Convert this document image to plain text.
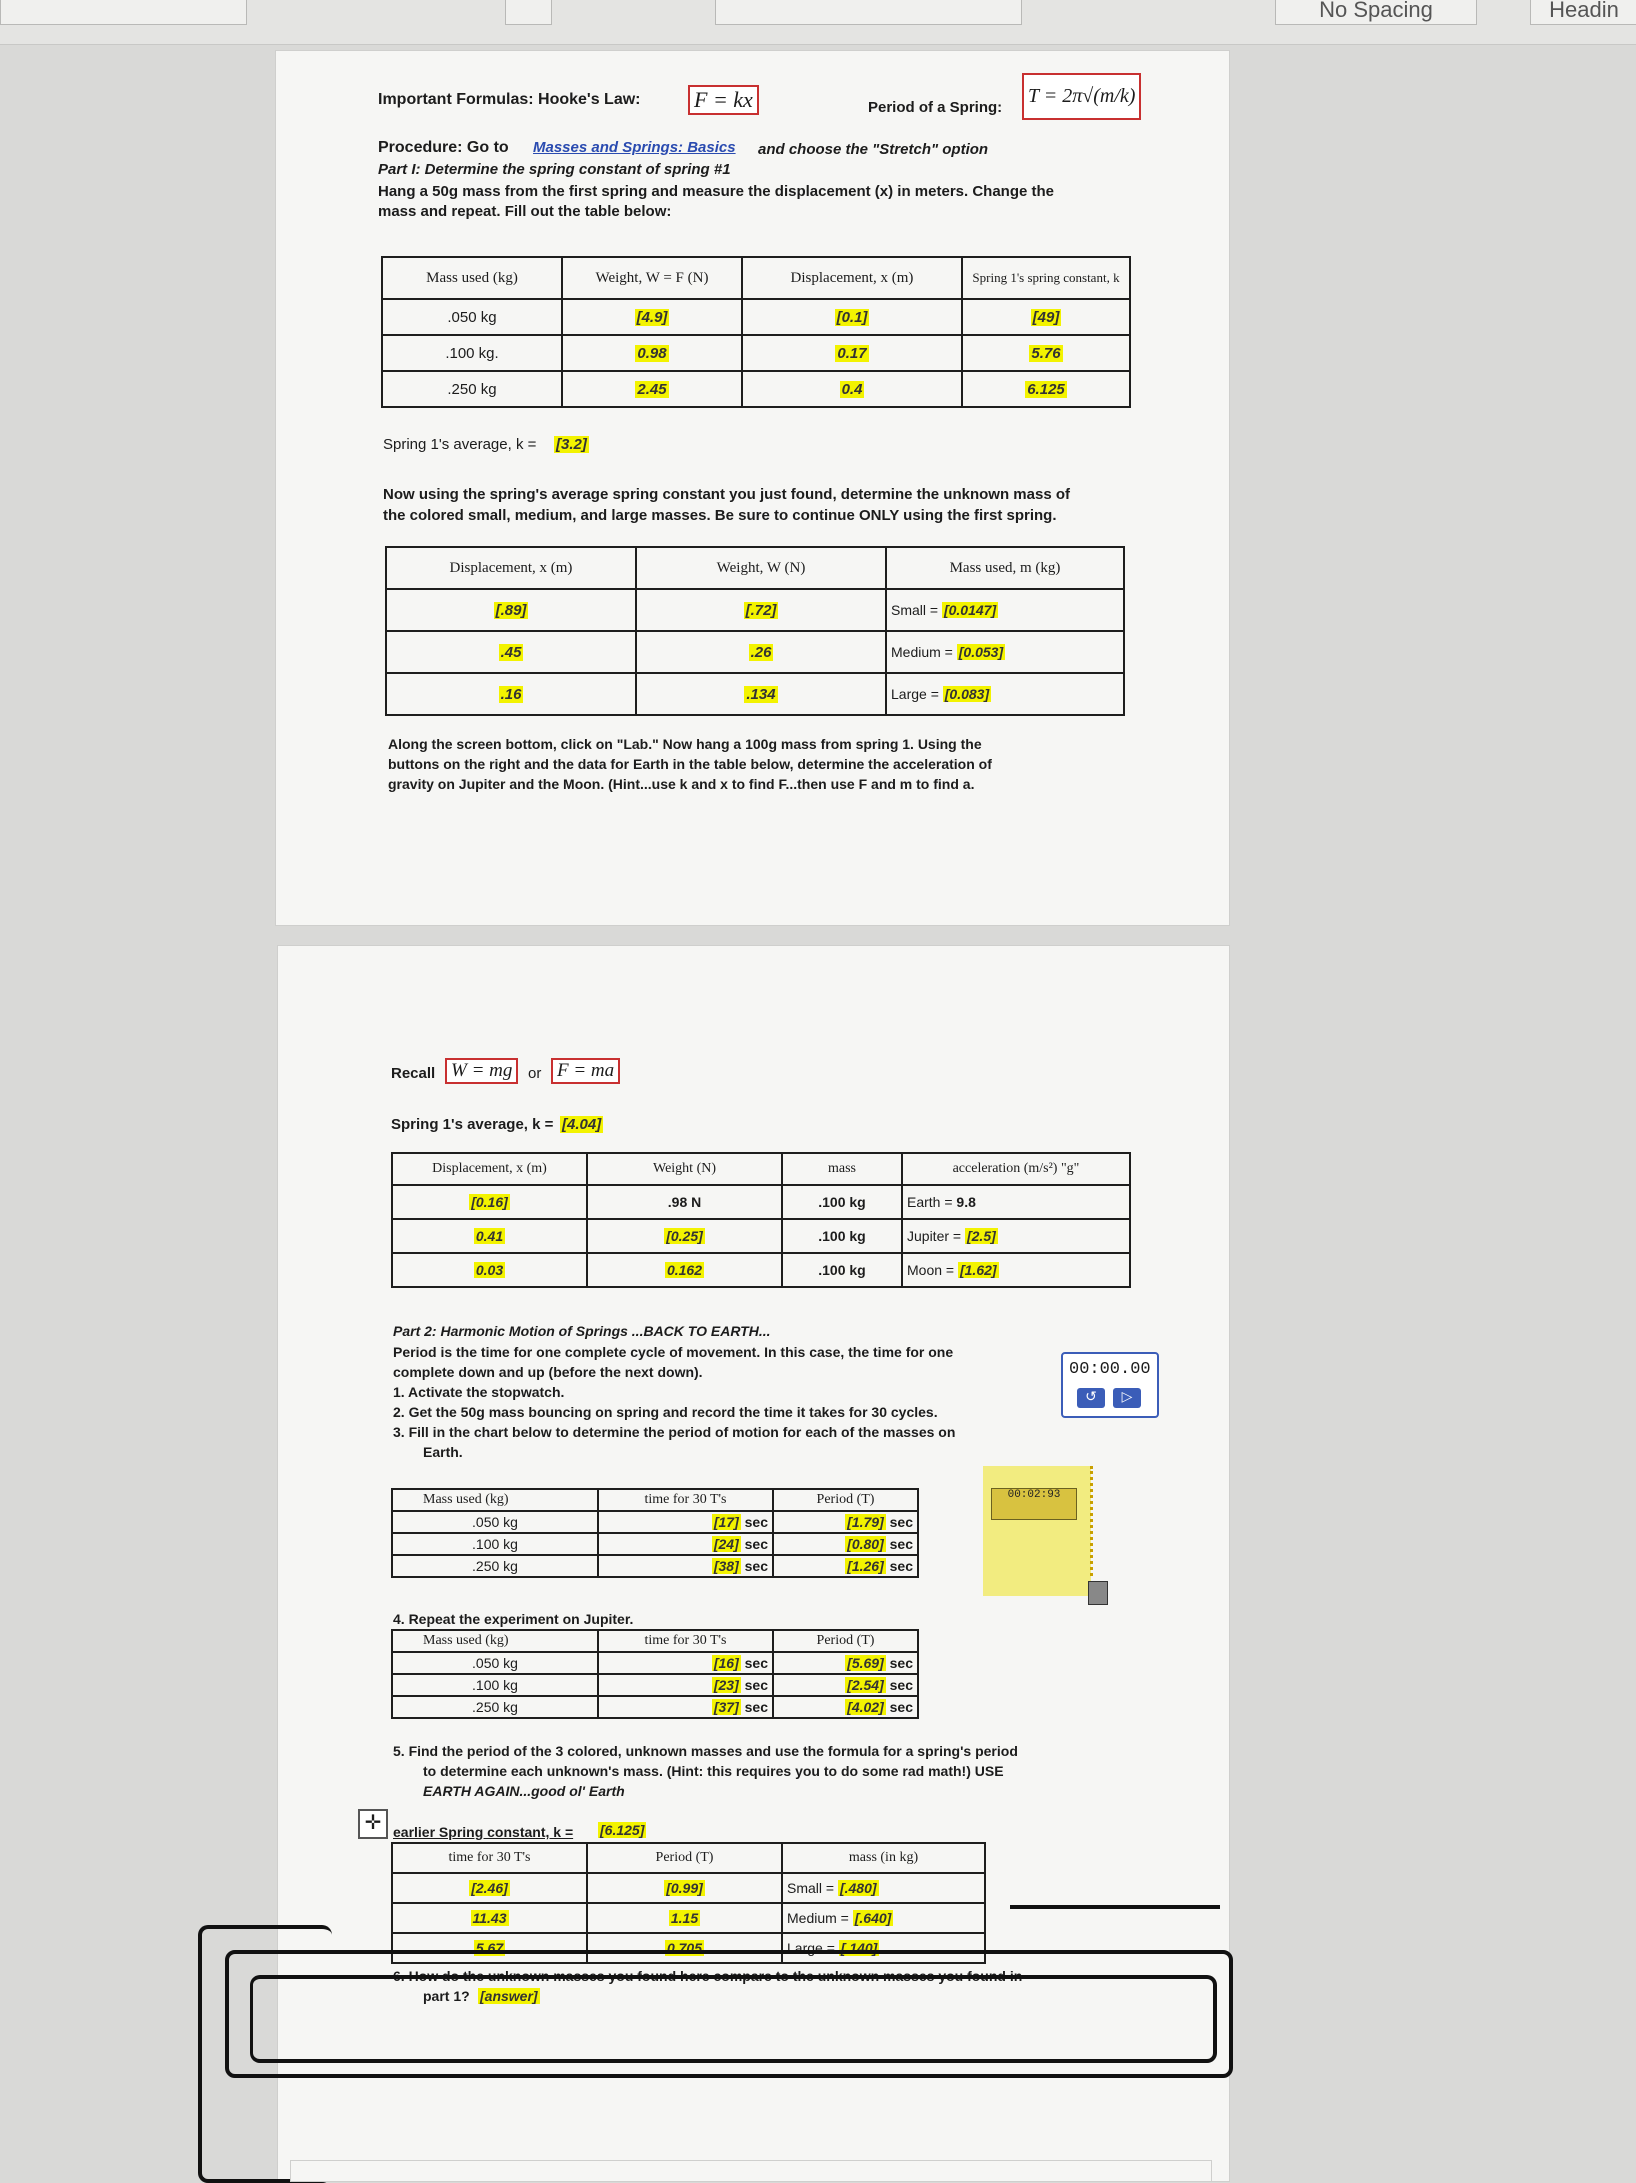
No Spacing	Headin
Important Formulas: Hooke's Law: F = kx	Period of a Spring:
T = 2π√(m/k)
Procedure: Go to Masses and Springs: Basics and choose the "Stretch" option
Part I: Determine the spring constant of spring #1
Hang a 50g mass from the first spring and measure the displacement (x) in meters. Change the
mass and repeat. Fill out the table below:
Mass used (kg)	Weight, W = F (N)	Displacement, x (m)	Spring 1's spring constant, k
.050 kg	[4.9]	[0.1]	[49]
.100 kg.	0.98	0.17	5.76
.250 kg	2.45	0.4	6.125
Spring 1's average, k = [3.2]
Now using the spring's average spring constant you just found, determine the unknown mass of
the colored small, medium, and large masses. Be sure to continue ONLY using the first spring.
Displacement, x (m)	Weight, W (N)	Mass used, m (kg)
[.89]	[.72]	Small = [0.0147]
.45	.26	Medium = [0.053]
.16	.134	Large = [0.083]
Along the screen bottom, click on "Lab." Now hang a 100g mass from spring 1. Using the
buttons on the right and the data for Earth in the table below, determine the acceleration of
gravity on Jupiter and the Moon. (Hint...use k and x to find F...then use F and m to find a.
Recall W = mg	or F = ma
Spring 1's average, k = [4.04]
Displacement, x (m)	Weight (N)	mass	acceleration (m/s²) "g"
[0.16]	.98 N	.100 kg	Earth = 9.8
0.41	[0.25]	.100 kg	Jupiter = [2.5]
0.03	0.162	.100 kg	Moon = [1.62]
Part 2: Harmonic Motion of Springs ...BACK TO EARTH...
Period is the time for one complete cycle of movement. In this case, the time for one
complete down and up (before the next down).
1. Activate the stopwatch.
2. Get the 50g mass bouncing on spring and record the time it takes for 30 cycles.
3. Fill in the chart below to determine the period of motion for each of the masses on
Earth.
00:00.00
↺	▷
00:02:93
Mass used (kg)	time for 30 T's	Period (T)
.050 kg	[17] sec	[1.79] sec
.100 kg	[24] sec	[0.80] sec
.250 kg	[38] sec	[1.26] sec
4. Repeat the experiment on Jupiter.
Mass used (kg)	time for 30 T's	Period (T)
.050 kg	[16] sec	[5.69] sec
.100 kg	[23] sec	[2.54] sec
.250 kg	[37] sec	[4.02] sec
5. Find the period of the 3 colored, unknown masses and use the formula for a spring's period
to determine each unknown's mass. (Hint: this requires you to do some rad math!) USE
EARTH AGAIN...good ol' Earth
✛ earlier Spring constant, k = [6.125]
time for 30 T's	Period (T)	mass (in kg)
[2.46]	[0.99]	Small = [.480]
11.43	1.15	Medium = [.640]
5.67	0.705	Large = [.140]
6. How do the unknown masses you found here compare to the unknown masses you found in
part 1? [answer]
